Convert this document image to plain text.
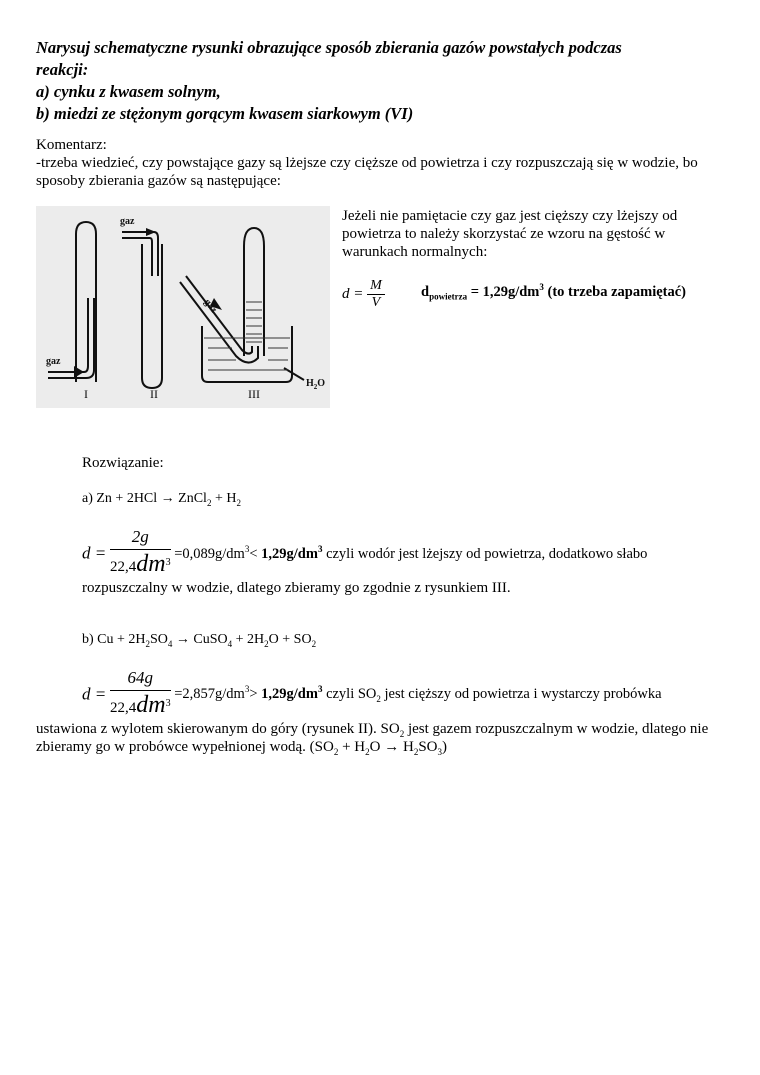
Narysuj schematyczne rysunki obrazujące sposób zbierania gazów powstałych podczas
reakcji:
a) cynku z kwasem solnym,
b) miedzi ze stężonym gorącym kwasem siarkowym (VI)
Komentarz:
-trzeba wiedzieć, czy powstające gazy są lżejsze czy cięższe od powietrza i czy rozpuszczają się w wodzie, bo
sposoby zbierania gazów są następujące:
gaz
gaz
gaz
I	II	III
$H_2O$
Jeżeli nie pamiętacie czy gaz jest cięższy czy lżejszy od
powietrza to należy skorzystać ze wzoru na gęstość w
warunkach normalnych:
$d = \frac{M}{V} d_{powietrza} = 1,29g/dm^3$ (to trzeba zapamiętać)
Rozwiązanie:
a) Zn + 2HCl → ZnCl$_2$ + $H_2$
$d = \frac{2g}{22,4dm^3} =0,089g/dm^3< 1,29g/dm^3$ czyli wodór jest lżejszy od powietrza, dodatkowo słabo
rozpuszczalny w wodzie, dlatego zbieramy go zgodnie z rysunkiem III.
b) $Cu + 2H_2SO_4$ → CuSO$_4$ + $2H_2O + SO_2$
$d = \frac{64g}{22,4dm^3} =2,857g/dm^3> 1,29g/dm^3$ czyli $SO_2$ jest cięższy od powietrza i wystarczy probówka
ustawiona z wylotem skierowanym do góry (rysunek II). $SO_2$ jest gazem rozpuszczalnym w wodzie, dlatego nie
zbieramy go w probówce wypełnionej wodą. $(SO_2 + H_2O \to H_2SO_3)$
